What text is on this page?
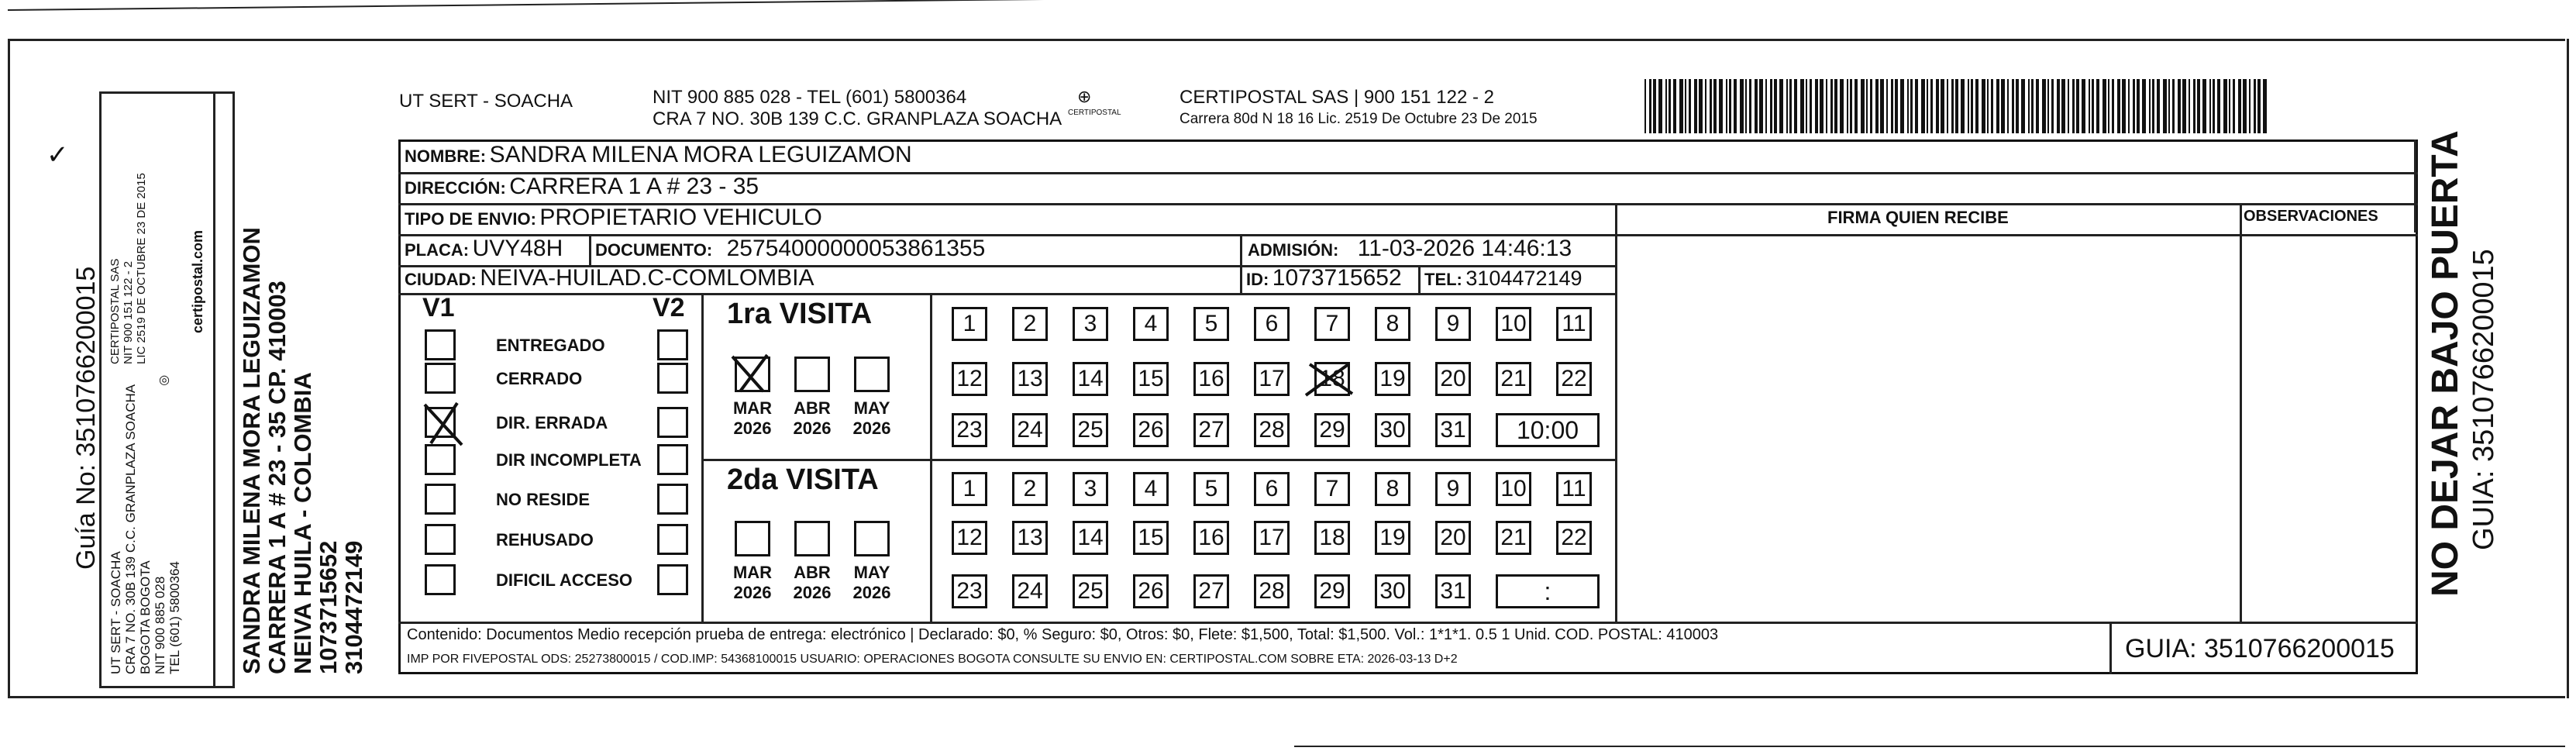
Guía No: 3510766200015
✓
UT SERT - SOACHA CRA 7 NO. 30B 139 C.C. GRANPLAZA SOACHA BOGOTA BOGOTA NIT 900 885 028 TEL (601) 5800364
CERTIPOSTAL SAS NIT 900 151 122 - 2 LIC 2519 DE OCTUBRE 23 DE 2015	certipostal.com
◎	SANDRA MILENA MORA LEGUIZAMON
CARRERA 1 A # 23 - 35 CP. 410003
NEIVA HUILA - COLOMBIA
1073715652
3104472149
UT SERT - SOACHA	NIT 900 885 028 - TEL (601) 5800364
CRA 7 NO. 30B 139 C.C. GRANPLAZA SOACHA
⊕
CERTIPOSTAL
CERTIPOSTAL SAS | 900 151 122 - 2
Carrera 80d N 18 16 Lic. 2519 De Octubre 23 De 2015
NOMBRE: SANDRA MILENA MORA LEGUIZAMON
DIRECCIÓN: CARRERA 1 A # 23 - 35
TIPO DE ENVIO: PROPIETARIO VEHICULO	FIRMA QUIEN RECIBE	OBSERVACIONES
PLACA: UVY48H DOCUMENTO: 25754000000053861355	ADMISIÓN: 11-03-2026 14:46:13
CIUDAD: NEIVA-HUILAD.C-COMLOMBIA	ID: 1073715652 TEL: 3104472149
V1	V2
ENTREGADO
CERRADO
DIR. ERRADA
DIR INCOMPLETA
NO RESIDE
REHUSADO
DIFICIL ACCESO
1ra VISITA
MAR
2026
ABR
2026
MAY
2026
1	2	3	4	5	6	7	8	9	10 11
12 13 14 15 16 17 18 19 20 21 22
23 24 25 26 27 28 29 30 31	10:00
2da VISITA
MAR
2026
ABR
2026
MAY
2026
1	2	3	4	5	6	7	8	9	10 11
12 13 14 15 16 17 18 19 20 21 22
23 24 25 26 27 28 29 30 31	:
Contenido: Documentos Medio recepción prueba de entrega: electrónico | Declarado: $0, % Seguro: $0, Otros: $0, Flete: $1,500, Total: $1,500. Vol.: 1*1*1. 0.5 1 Unid. COD. POSTAL: 410003
IMP POR FIVEPOSTAL ODS: 25273800015 / COD.IMP: 54368100015 USUARIO: OPERACIONES BOGOTA CONSULTE SU ENVIO EN: CERTIPOSTAL.COM SOBRE ETA: 2026-03-13 D+2	GUIA: 3510766200015
NO DEJAR BAJO PUERTA GUIA: 3510766200015
